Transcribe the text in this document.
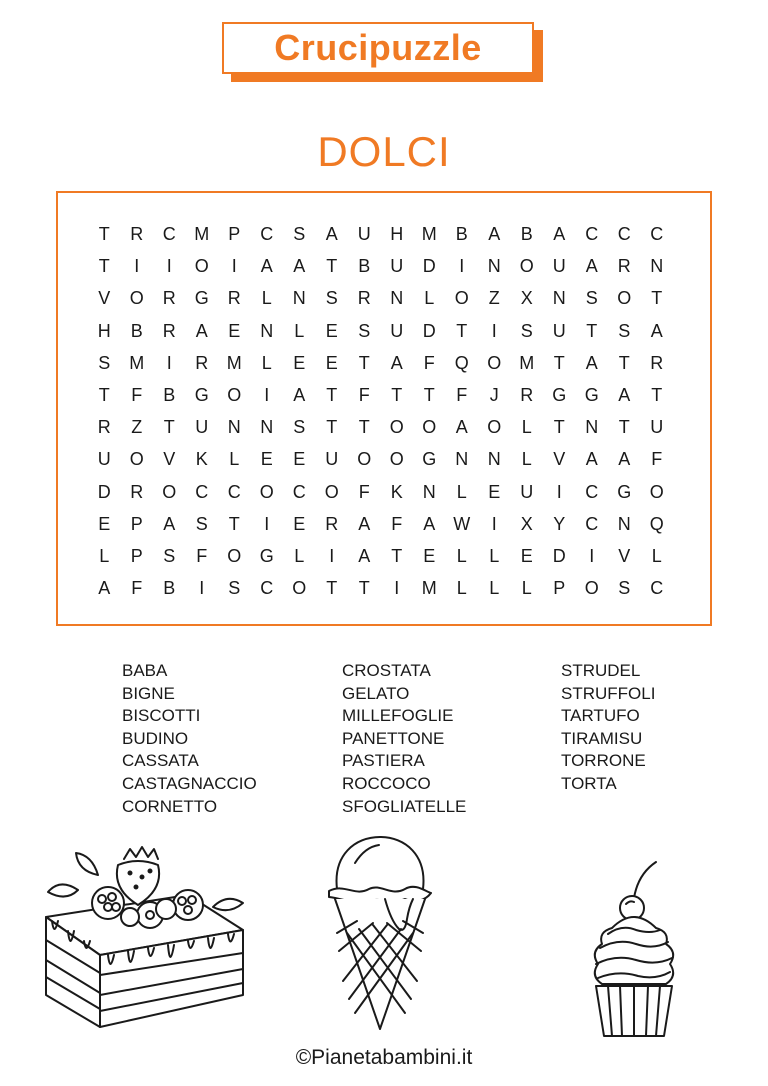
Crucipuzzle
DOLCI
T	R	C	M	P	C	S	A	U	H	M	B	A	B	A	C	C	C
T	I	I	O	I	A	A	T	B	U	D	I	N	O	U	A	R	N
V	O	R	G	R	L	N	S	R	N	L	O	Z	X	N	S	O	T
H	B	R	A	E	N	L	E	S	U	D	T	I	S	U	T	S	A
S	M	I	R	M	L	E	E	T	A	F	Q	O	M	T	A	T	R
T	F	B	G	O	I	A	T	F	T	T	F	J	R	G	G	A	T
R	Z	T	U	N	N	S	T	T	O	O	A	O	L	T	N	T	U
U	O	V	K	L	E	E	U	O	O	G	N	N	L	V	A	A	F
D	R	O	C	C	O	C	O	F	K	N	L	E	U	I	C	G	O
E	P	A	S	T	I	E	R	A	F	A	W	I	X	Y	C	N	Q
L	P	S	F	O	G	L	I	A	T	E	L	L	E	D	I	V	L
A	F	B	I	S	C	O	T	T	I	M	L	L	L	P	O	S	C
BABA
BIGNE
BISCOTTI
BUDINO
CASSATA
CASTAGNACCIO
CORNETTO
CROSTATA
GELATO
MILLEFOGLIE
PANETTONE
PASTIERA
ROCCOCO
SFOGLIATELLE
STRUDEL
STRUFFOLI
TARTUFO
TIRAMISU
TORRONE
TORTA
©Pianetabambini.it
